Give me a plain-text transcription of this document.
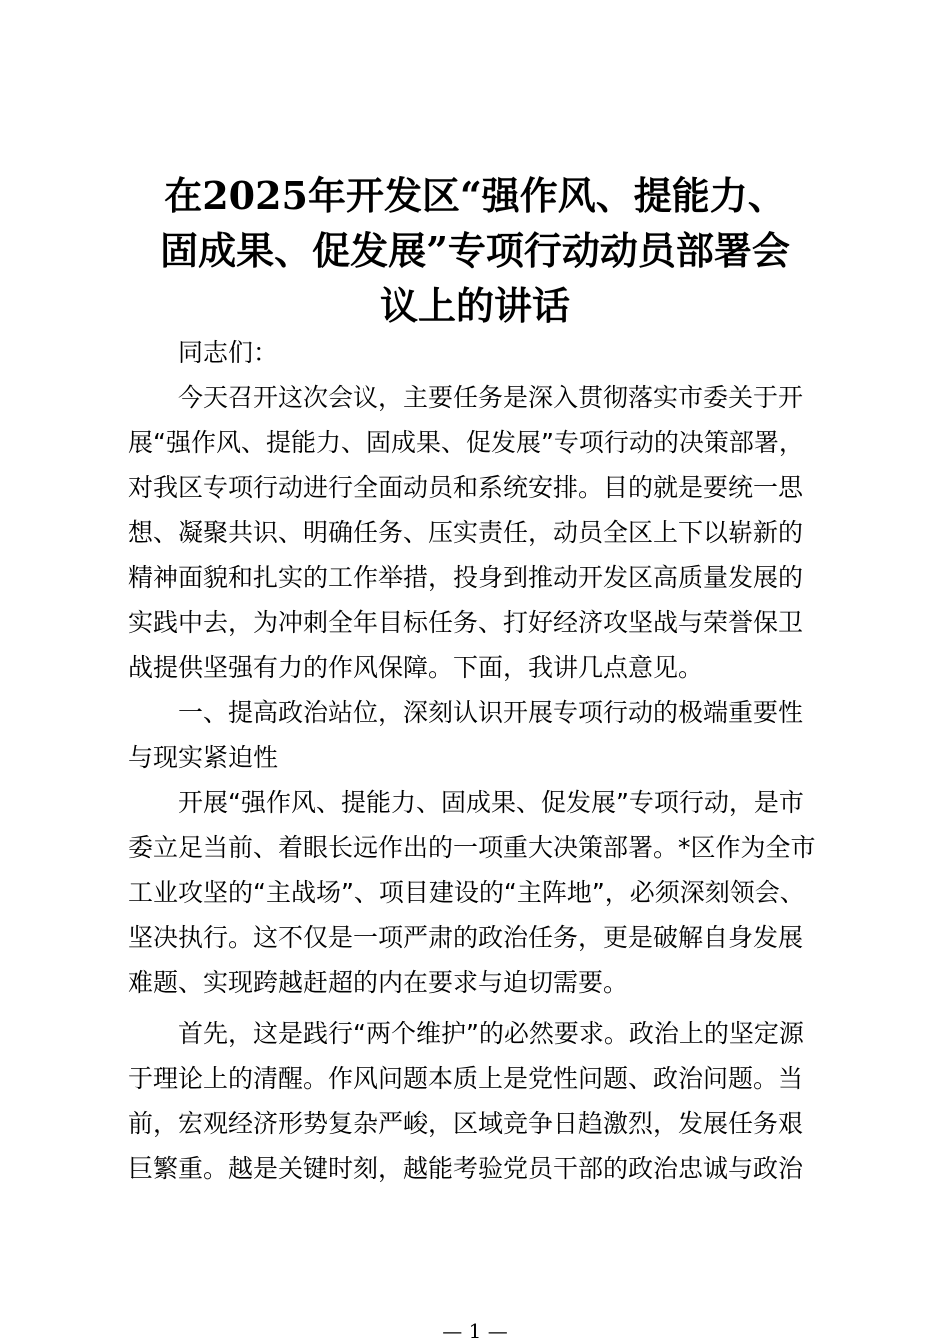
在2025年开发区“强作风、提能力、
固成果、促发展”专项行动动员部署会
议上的讲话
同志们：
今天召开这次会议，主要任务是深入贯彻落实市委关于开
展“强作风、提能力、固成果、促发展”专项行动的决策部署，
对我区专项行动进行全面动员和系统安排。目的就是要统一思
想、凝聚共识、明确任务、压实责任，动员全区上下以崭新的
精神面貌和扎实的工作举措，投身到推动开发区高质量发展的
实践中去，为冲刺全年目标任务、打好经济攻坚战与荣誉保卫
战提供坚强有力的作风保障。下面，我讲几点意见。
一、提高政治站位，深刻认识开展专项行动的极端重要性
与现实紧迫性
开展“强作风、提能力、固成果、促发展”专项行动，是市
委立足当前、着眼长远作出的一项重大决策部署。*区作为全市
工业攻坚的“主战场”、项目建设的“主阵地”，必须深刻领会、
坚决执行。这不仅是一项严肃的政治任务，更是破解自身发展
难题、实现跨越赶超的内在要求与迫切需要。
首先，这是践行“两个维护”的必然要求。政治上的坚定源
于理论上的清醒。作风问题本质上是党性问题、政治问题。当
前，宏观经济形势复杂严峻，区域竞争日趋激烈，发展任务艰
巨繁重。越是关键时刻，越能考验党员干部的政治忠诚与政治
— 1 —
